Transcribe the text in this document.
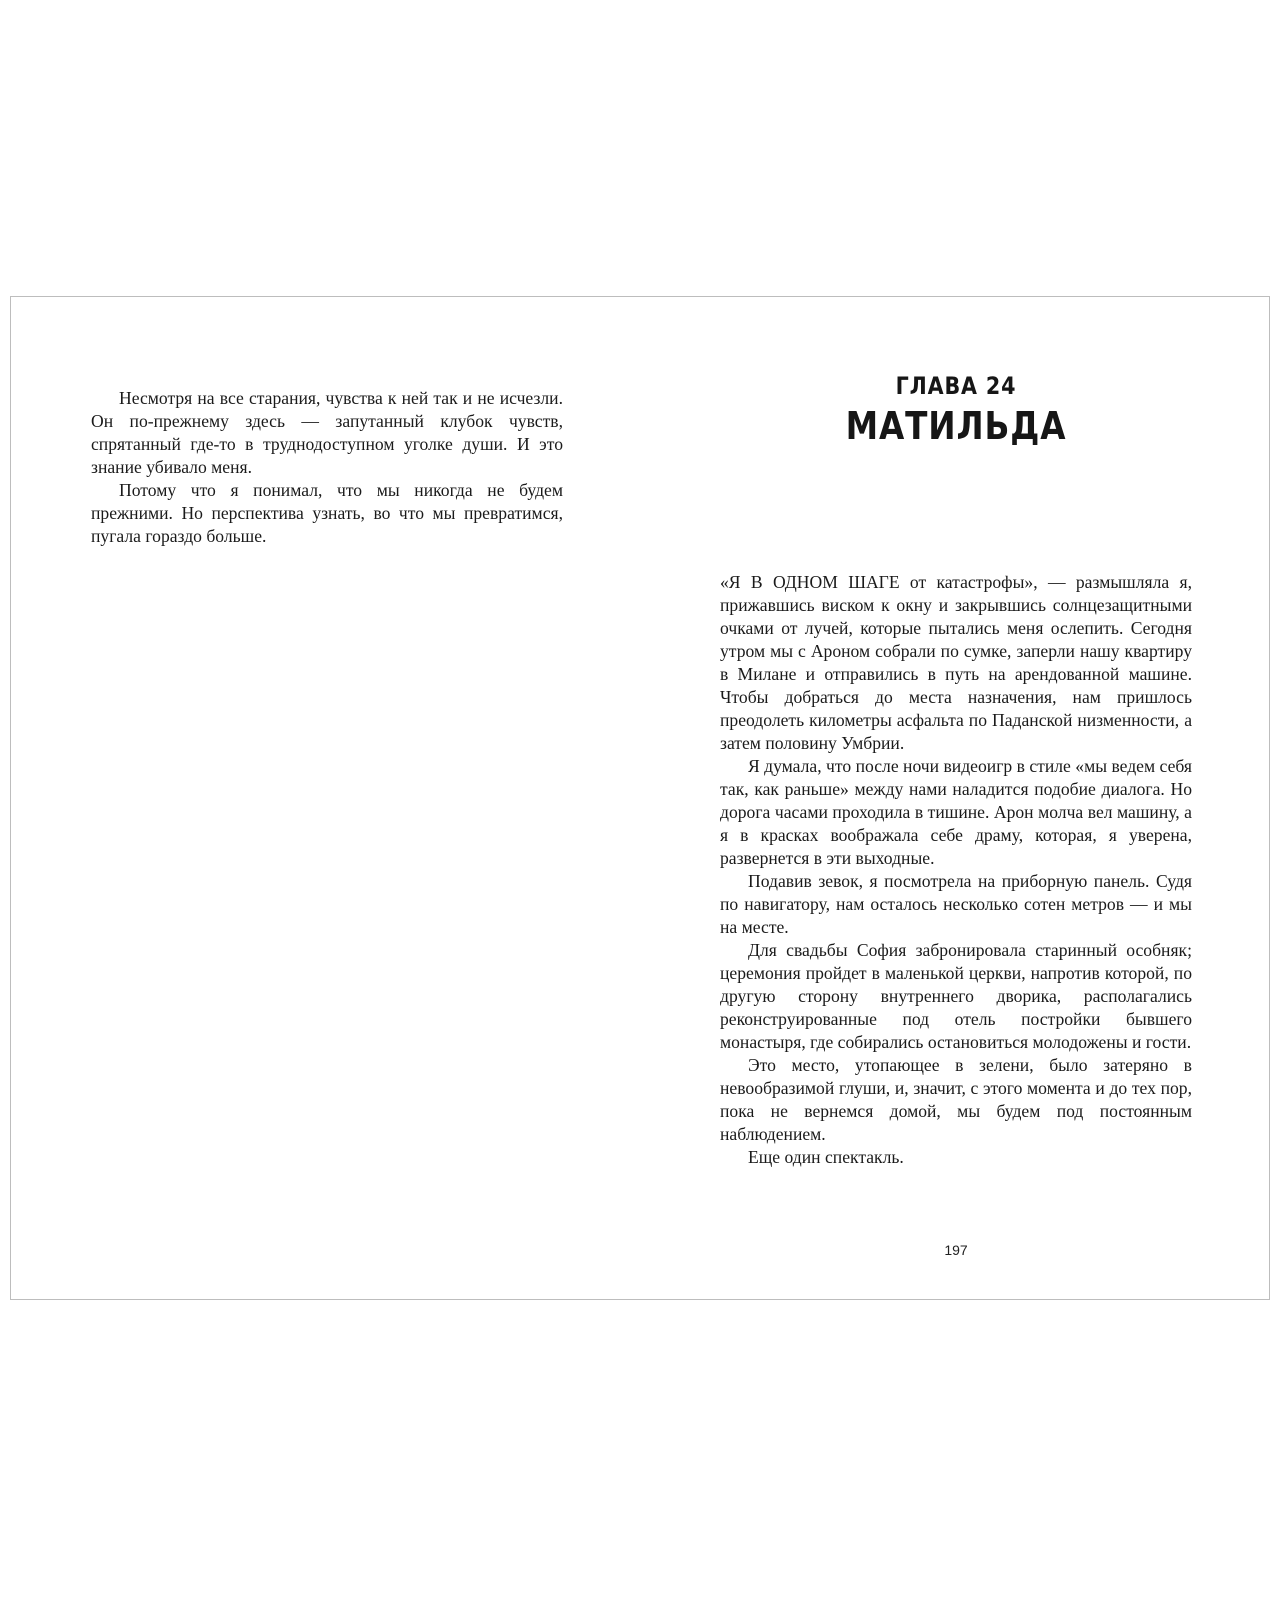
Несмотря на все старания, чувства к ней так и не исчезли. Он по-прежнему здесь — запутанный клубок чувств, спрятанный где-то в труднодоступном уголке души. И это знание убивало меня.

Потому что я понимал, что мы никогда не будем прежними. Но перспектива узнать, во что мы превратимся, пугала гораздо больше.

ГЛАВА 24
МАТИЛЬДА

«Я В ОДНОМ ШАГЕ от катастрофы», — размышляла я, прижавшись виском к окну и закрывшись солнцезащитными очками от лучей, которые пытались меня ослепить. Сегодня утром мы с Ароном собрали по сумке, заперли нашу квартиру в Милане и отправились в путь на арендованной машине. Чтобы добраться до места назначения, нам пришлось преодолеть километры асфальта по Паданской низменности, а затем половину Умбрии.

Я думала, что после ночи видеоигр в стиле «мы ведем себя так, как раньше» между нами наладится подобие диалога. Но дорога часами проходила в тишине. Арон молча вел машину, а я в красках воображала себе драму, которая, я уверена, развернется в эти выходные.

Подавив зевок, я посмотрела на приборную панель. Судя по навигатору, нам осталось несколько сотен метров — и мы на месте.

Для свадьбы София забронировала старинный особняк; церемония пройдет в маленькой церкви, напротив которой, по другую сторону внутреннего дворика, располагались реконструированные под отель постройки бывшего монастыря, где собирались остановиться молодожены и гости.

Это место, утопающее в зелени, было затеряно в невообразимой глуши, и, значит, с этого момента и до тех пор, пока не вернемся домой, мы будем под постоянным наблюдением.

Еще один спектакль.

197
